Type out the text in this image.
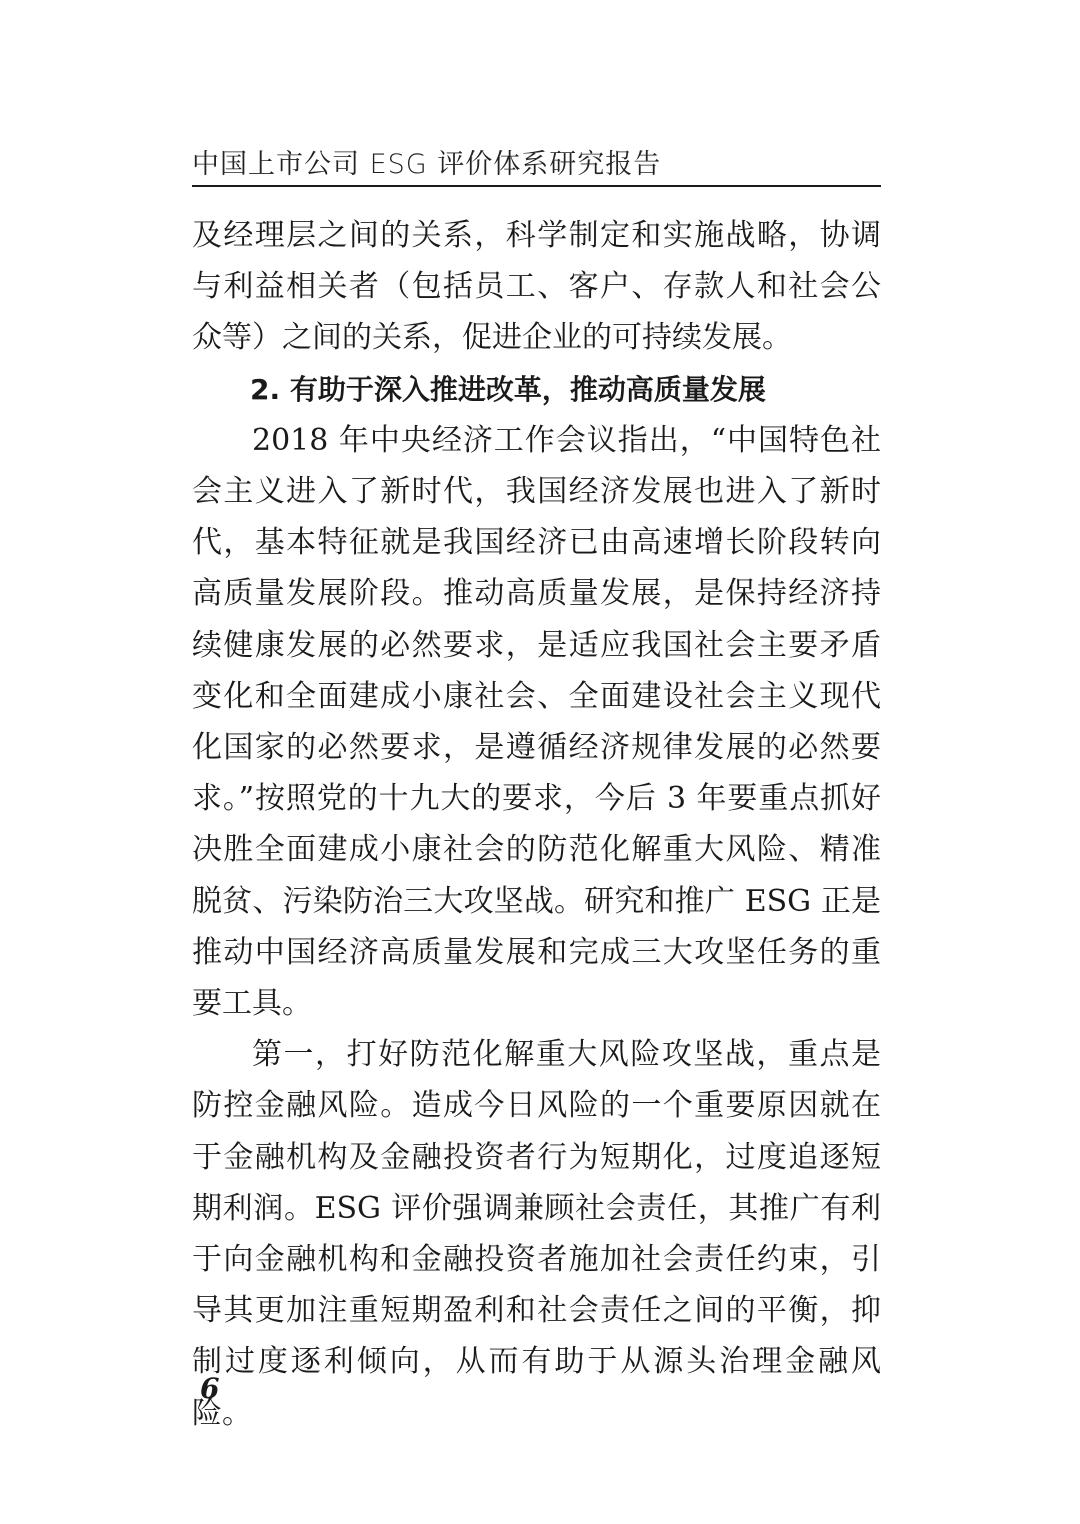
中国上市公司 ESG 评价体系研究报告

及经理层之间的关系，科学制定和实施战略，协调与利益相关者（包括员工、客户、存款人和社会公众等）之间的关系，促进企业的可持续发展。

2. 有助于深入推进改革，推动高质量发展

2018 年中央经济工作会议指出，“中国特色社会主义进入了新时代，我国经济发展也进入了新时代，基本特征就是我国经济已由高速增长阶段转向高质量发展阶段。推动高质量发展，是保持经济持续健康发展的必然要求，是适应我国社会主要矛盾变化和全面建成小康社会、全面建设社会主义现代化国家的必然要求，是遵循经济规律发展的必然要求。”按照党的十九大的要求，今后 3 年要重点抓好决胜全面建成小康社会的防范化解重大风险、精准脱贫、污染防治三大攻坚战。研究和推广 ESG 正是推动中国经济高质量发展和完成三大攻坚任务的重要工具。

第一，打好防范化解重大风险攻坚战，重点是防控金融风险。造成今日风险的一个重要原因就在于金融机构及金融投资者行为短期化，过度追逐短期利润。ESG 评价强调兼顾社会责任，其推广有利于向金融机构和金融投资者施加社会责任约束，引导其更加注重短期盈利和社会责任之间的平衡，抑制过度逐利倾向，从而有助于从源头治理金融风险。

6
